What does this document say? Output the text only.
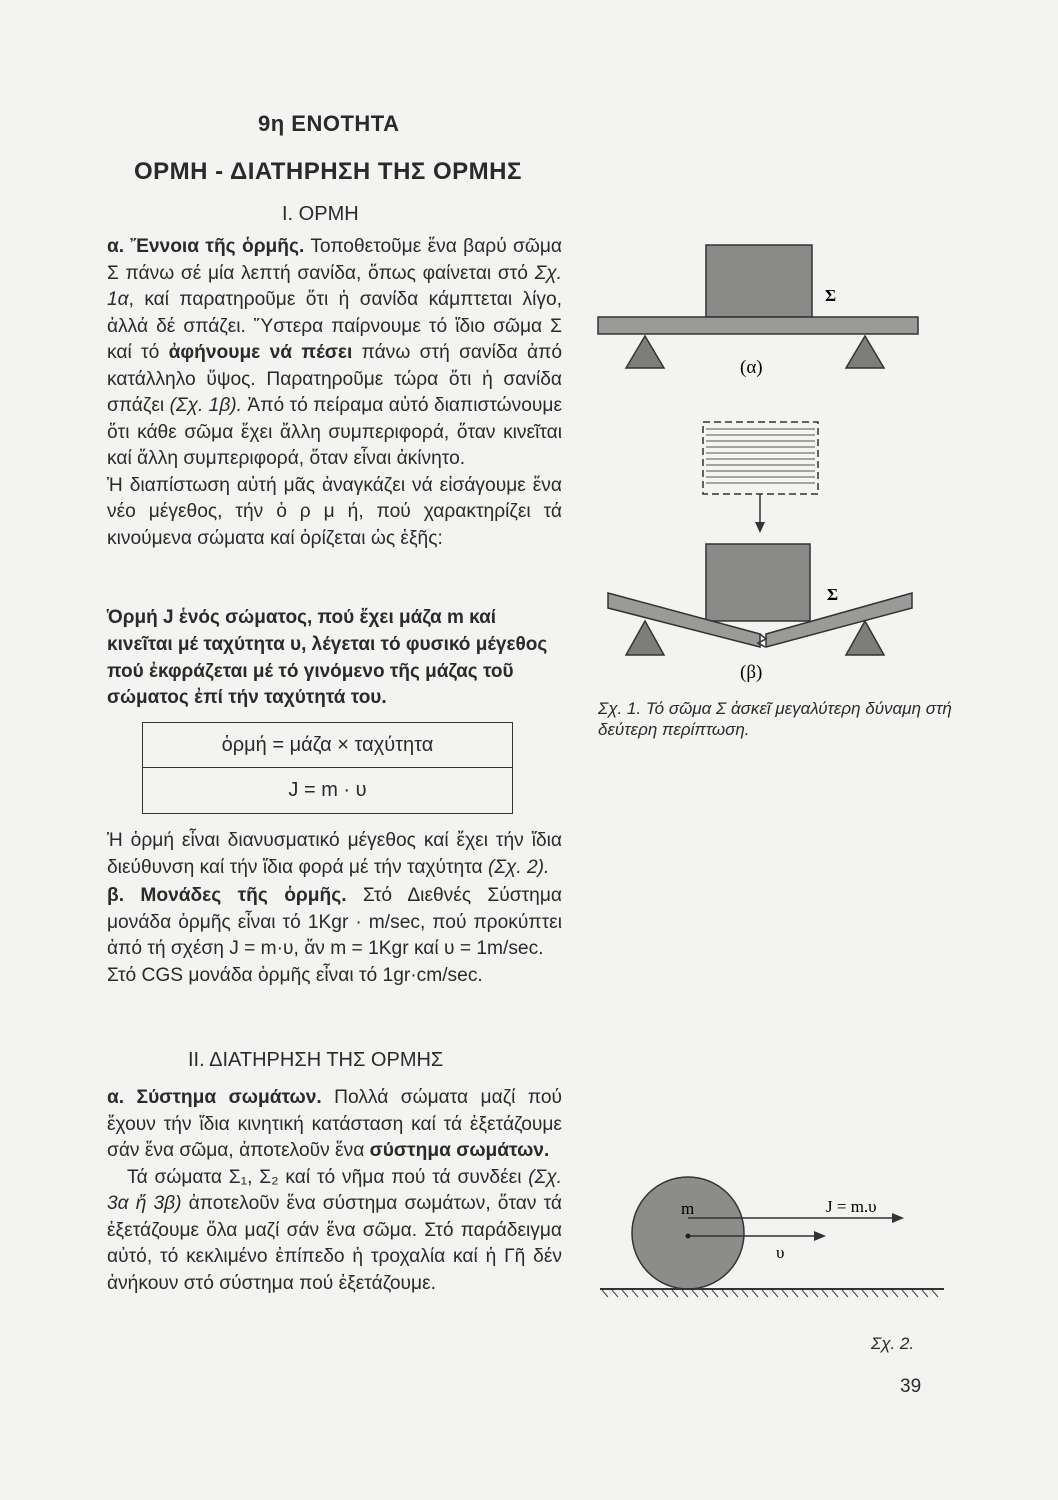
9η ΕΝΟΤΗΤΑ
ΟΡΜΗ - ΔΙΑΤΗΡΗΣΗ ΤΗΣ ΟΡΜΗΣ
Ι. ΟΡΜΗ

α. Ἔννοια τῆς ὁρμῆς. Τοποθετοῦμε ἕνα βαρύ σῶμα Σ πάνω σέ μία λεπτή σανίδα, ὅπως φαίνεται στό Σχ. 1α, καί παρατηροῦμε ὅτι ἡ σανίδα κάμπτεται λίγο, ἀλλά δέ σπάζει. Ὕστερα παίρνουμε τό ἴδιο σῶμα Σ καί τό ἀφήνουμε νά πέσει πάνω στή σανίδα ἀπό κατάλληλο ὕψος. Παρατηροῦμε τώρα ὅτι ἡ σανίδα σπάζει (Σχ. 1β). Ἀπό τό πείραμα αὐτό διαπιστώνουμε ὅτι κάθε σῶμα ἔχει ἄλλη συμπεριφορά, ὅταν κινεῖται καί ἄλλη συμπεριφορά, ὅταν εἶναι ἀκίνητο.

Ἡ διαπίστωση αὐτή μᾶς ἀναγκάζει νά εἰσάγουμε ἕνα νέο μέγεθος, τήν ὁ ρ μ ή, πού χαρακτηρίζει τά κινούμενα σώματα καί ὁρίζεται ὡς ἑξῆς:

Ὁρμή J ἑνός σώματος, πού ἔχει μάζα m καί κινεῖται μέ ταχύτητα υ, λέγεται τό φυσικό μέγεθος πού ἐκφράζεται μέ τό γινόμενο τῆς μάζας τοῦ σώματος ἐπί τήν ταχύτητά του.
ὁρμή = μάζα × ταχύτητα
J = m · υ

Ἡ ὁρμή εἶναι διανυσματικό μέγεθος καί ἔχει τήν ἴδια διεύθυνση καί τήν ἴδια φορά μέ τήν ταχύτητα (Σχ. 2).

β. Μονάδες τῆς ὁρμῆς. Στό Διεθνές Σύστημα μονάδα ὁρμῆς εἶναι τό 1Kgr · m/sec, πού προκύπτει ἀπό τή σχέση J = m·υ, ἄν m = 1Kgr καί υ = 1m/sec.

Στό CGS μονάδα ὁρμῆς εἶναι τό 1gr·cm/sec.

ΙΙ. ΔΙΑΤΗΡΗΣΗ ΤΗΣ ΟΡΜΗΣ

α. Σύστημα σωμάτων. Πολλά σώματα μαζί πού ἔχουν τήν ἴδια κινητική κατάσταση καί τά ἐξετάζουμε σάν ἕνα σῶμα, ἀποτελοῦν ἕνα σύστημα σωμάτων.

Τά σώματα Σ₁, Σ₂ καί τό νῆμα πού τά συνδέει (Σχ. 3α ἤ 3β) ἀποτελοῦν ἕνα σύστημα σωμάτων, ὅταν τά ἐξετάζουμε ὅλα μαζί σάν ἕνα σῶμα. Στό παράδειγμα αὐτό, τό κεκλιμένο ἐπίπεδο ἡ τροχαλία καί ἡ Γῆ δέν ἀνήκουν στό σύστημα πού ἐξετάζουμε.

Σ
(α)
Σ
(β)
Σχ. 1. Τό σῶμα Σ ἀσκεῖ μεγαλύτερη δύναμη στή δεύτερη περίπτωση.
m	J = m.υ
υ
Σχ. 2.
39
